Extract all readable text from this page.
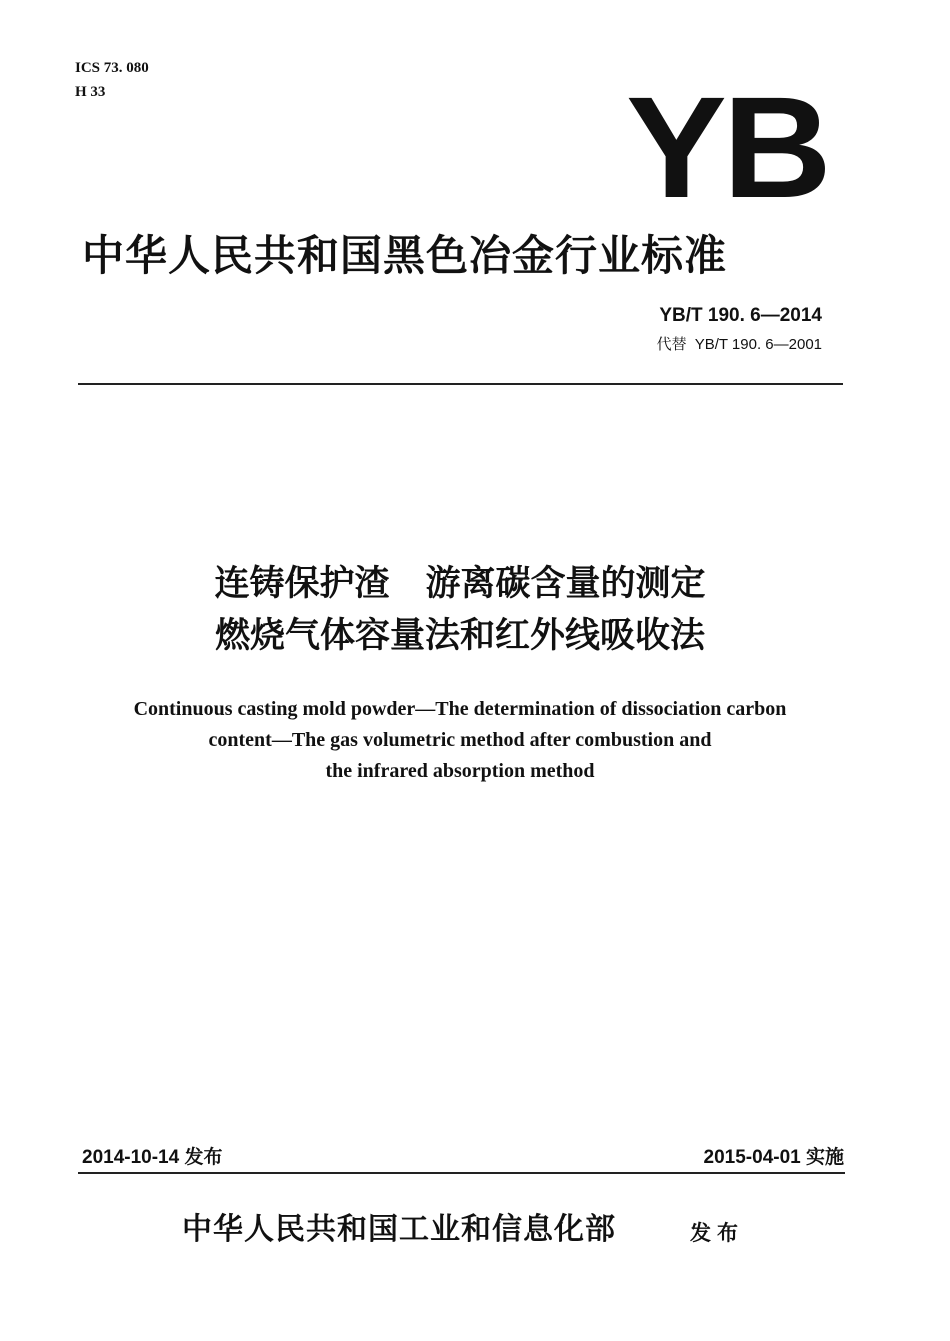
ICS 73. 080
H 33	YB
中华人民共和国黑色冶金行业标准
YB/T 190. 6—2014
代替 YB/T 190. 6—2001
连铸保护渣 游离碳含量的测定
燃烧气体容量法和红外线吸收法
Continuous casting mold powder—The determination of dissociation carbon
content—The gas volumetric method after combustion and
the infrared absorption method
2014-10-14 发布	2015-04-01 实施
中华人民共和国工业和信息化部	发布
